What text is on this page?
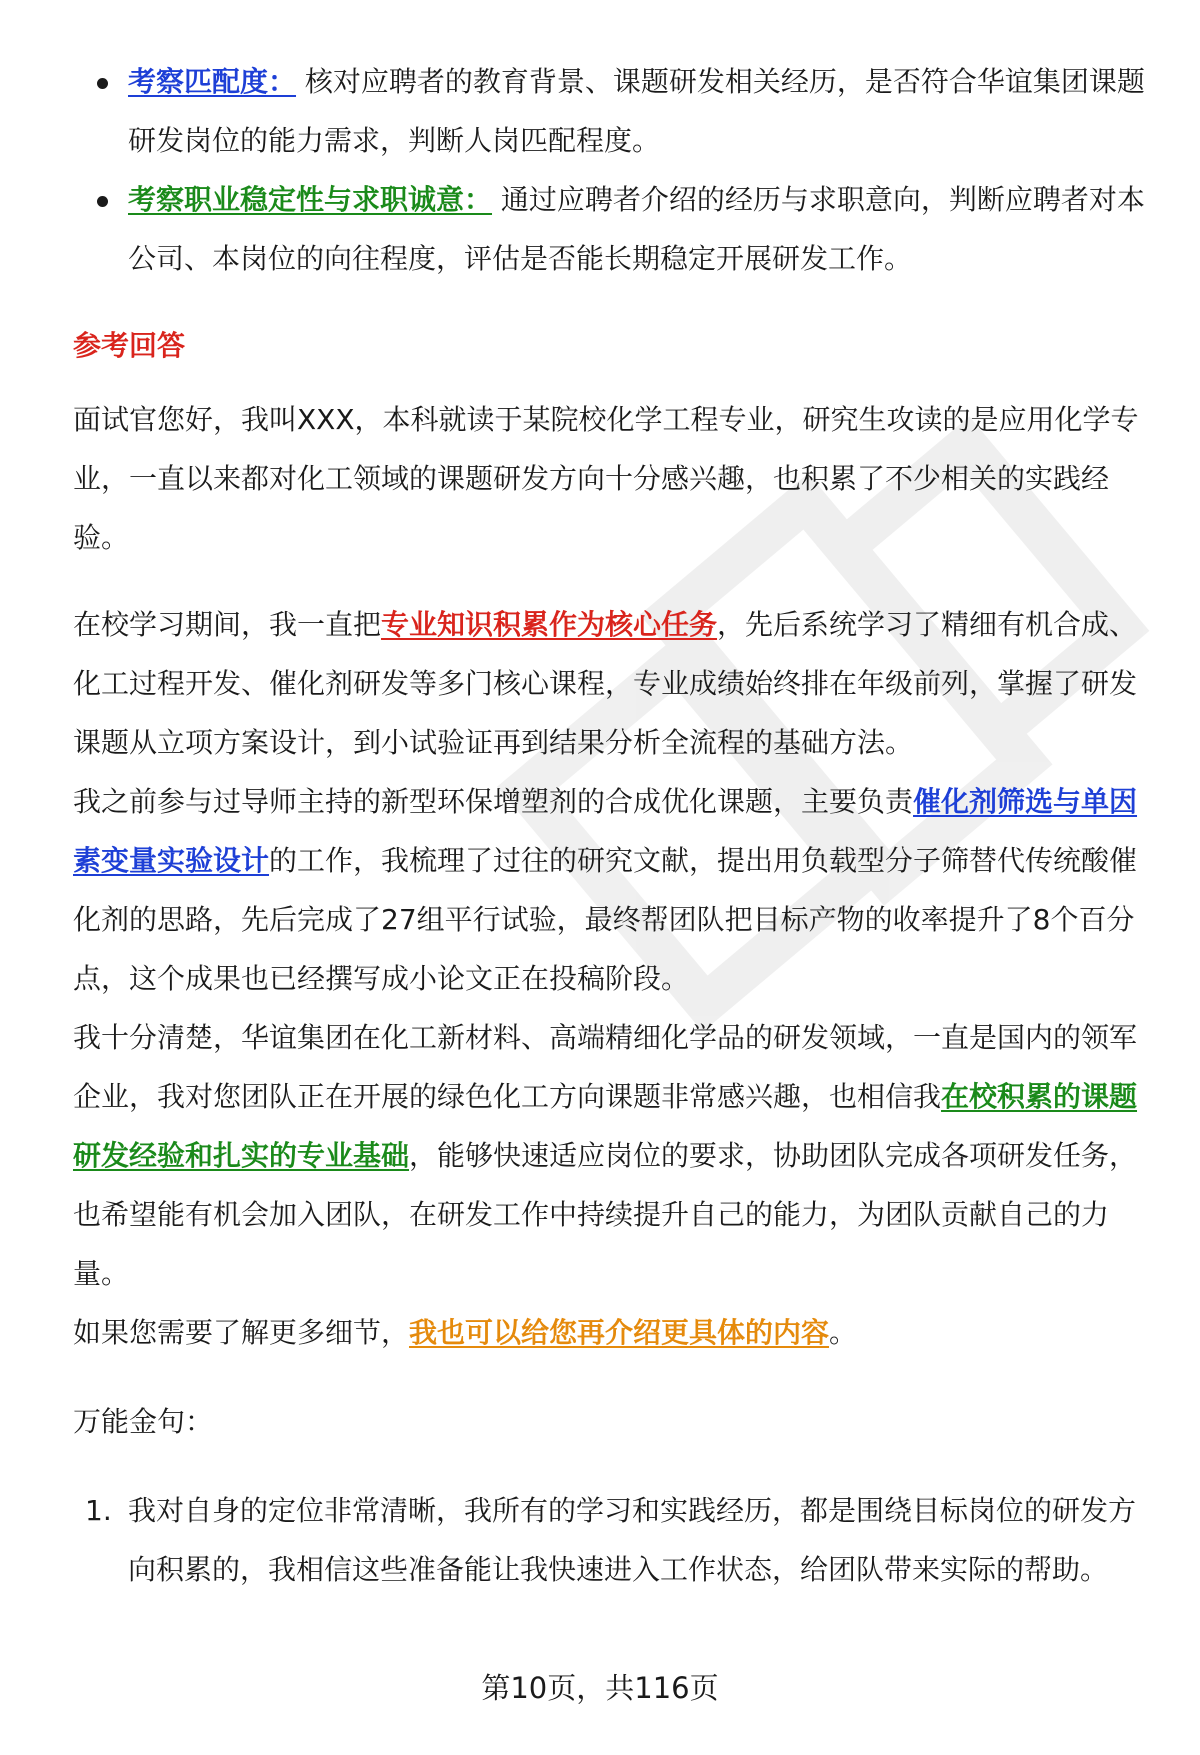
考察匹配度： 核对应聘者的教育背景、课题研发相关经历，是否符合华谊集团课题研发岗位的能力需求，判断人岗匹配程度。
考察职业稳定性与求职诚意： 通过应聘者介绍的经历与求职意向，判断应聘者对本公司、本岗位的向往程度，评估是否能长期稳定开展研发工作。
参考回答

面试官您好，我叫XXX，本科就读于某院校化学工程专业，研究生攻读的是应用化学专业，一直以来都对化工领域的课题研发方向十分感兴趣，也积累了不少相关的实践经验。

在校学习期间，我一直把专业知识积累作为核心任务，先后系统学习了精细有机合成、化工过程开发、催化剂研发等多门核心课程，专业成绩始终排在年级前列，掌握了研发课题从立项方案设计，到小试验证再到结果分析全流程的基础方法。

我之前参与过导师主持的新型环保增塑剂的合成优化课题，主要负责催化剂筛选与单因素变量实验设计的工作，我梳理了过往的研究文献，提出用负载型分子筛替代传统酸催化剂的思路，先后完成了27组平行试验，最终帮团队把目标产物的收率提升了8个百分点，这个成果也已经撰写成小论文正在投稿阶段。

我十分清楚，华谊集团在化工新材料、高端精细化学品的研发领域，一直是国内的领军企业，我对您团队正在开展的绿色化工方向课题非常感兴趣，也相信我在校积累的课题研发经验和扎实的专业基础，能够快速适应岗位的要求，协助团队完成各项研发任务，也希望能有机会加入团队，在研发工作中持续提升自己的能力，为团队贡献自己的力量。

如果您需要了解更多细节，我也可以给您再介绍更具体的内容。

万能金句：

1. 我对自身的定位非常清晰，我所有的学习和实践经历，都是围绕目标岗位的研发方向积累的，我相信这些准备能让我快速进入工作状态，给团队带来实际的帮助。
第10页，共116页
